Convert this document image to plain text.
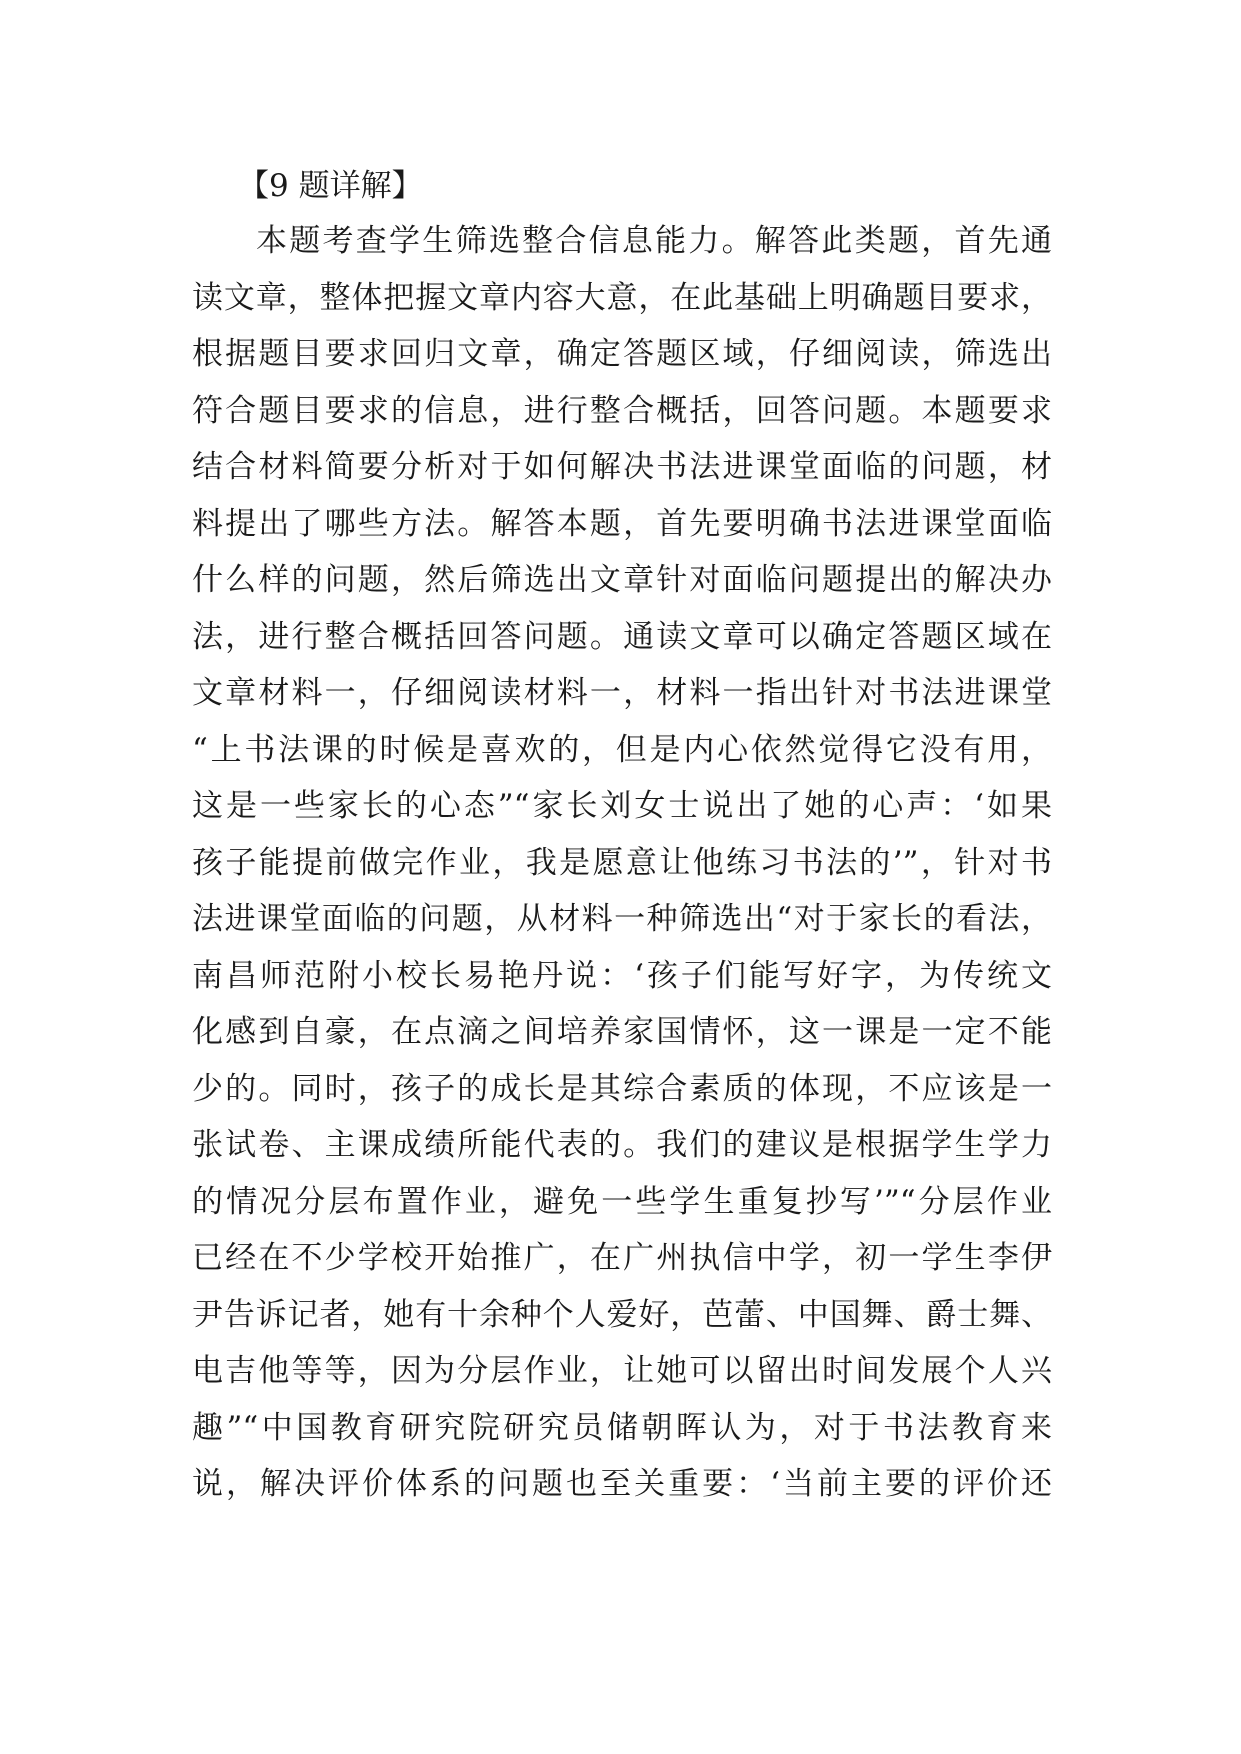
【9 题详解】
本题考查学生筛选整合信息能力。解答此类题，首先通
读文章，整体把握文章内容大意，在此基础上明确题目要求，
根据题目要求回归文章，确定答题区域，仔细阅读，筛选出
符合题目要求的信息，进行整合概括，回答问题。本题要求
结合材料简要分析对于如何解决书法进课堂面临的问题，材
料提出了哪些方法。解答本题，首先要明确书法进课堂面临
什么样的问题，然后筛选出文章针对面临问题提出的解决办
法，进行整合概括回答问题。通读文章可以确定答题区域在
文章材料一，仔细阅读材料一，材料一指出针对书法进课堂
“上书法课的时候是喜欢的，但是内心依然觉得它没有用，
这是一些家长的心态”“家长刘女士说出了她的心声：‘如果
孩子能提前做完作业，我是愿意让他练习书法的’”，针对书
法进课堂面临的问题，从材料一种筛选出“对于家长的看法，
南昌师范附小校长易艳丹说：‘孩子们能写好字，为传统文
化感到自豪，在点滴之间培养家国情怀，这一课是一定不能
少的。同时，孩子的成长是其综合素质的体现，不应该是一
张试卷、主课成绩所能代表的。我们的建议是根据学生学力
的情况分层布置作业，避免一些学生重复抄写’”“分层作业
已经在不少学校开始推广，在广州执信中学，初一学生李伊
尹告诉记者，她有十余种个人爱好，芭蕾、中国舞、爵士舞、
电吉他等等，因为分层作业，让她可以留出时间发展个人兴
趣”“中国教育研究院研究员储朝晖认为，对于书法教育来
说，解决评价体系的问题也至关重要：‘当前主要的评价还
